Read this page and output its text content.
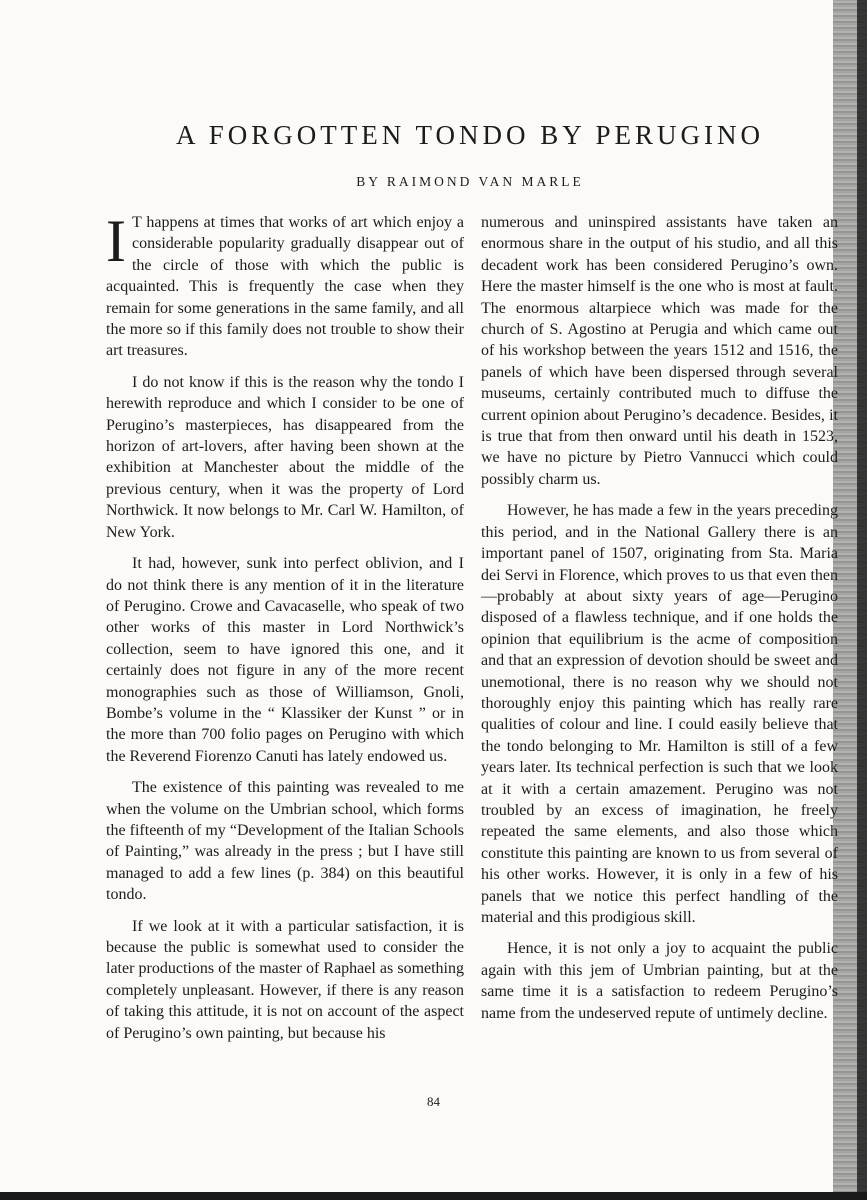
A FORGOTTEN TONDO BY PERUGINO
BY RAIMOND VAN MARLE

I T happens at times that works of art which enjoy a considerable popularity gradually disappear out of the circle of those with which the public is acquainted. This is frequently the case when they remain for some generations in the same family, and all the more so if this family does not trouble to show their art treasures.

I do not know if this is the reason why the tondo I herewith reproduce and which I consider to be one of Perugino’s masterpieces, has disappeared from the horizon of art-lovers, after having been shown at the exhibition at Manchester about the middle of the previous century, when it was the property of Lord Northwick. It now belongs to Mr. Carl W. Hamilton, of New York.

It had, however, sunk into perfect oblivion, and I do not think there is any mention of it in the literature of Perugino. Crowe and Cavacaselle, who speak of two other works of this master in Lord Northwick’s collection, seem to have ignored this one, and it certainly does not figure in any of the more recent monographies such as those of Williamson, Gnoli, Bombe’s volume in the “ Klassiker der Kunst ” or in the more than 700 folio pages on Perugino with which the Reverend Fiorenzo Canuti has lately endowed us.

The existence of this painting was revealed to me when the volume on the Umbrian school, which forms the fifteenth of my “Development of the Italian Schools of Painting,” was already in the press ; but I have still managed to add a few lines (p. 384) on this beautiful tondo.

If we look at it with a particular satisfaction, it is because the public is somewhat used to consider the later productions of the master of Raphael as something completely unpleasant. However, if there is any reason of taking this attitude, it is not on account of the aspect of Perugino’s own painting, but because his

numerous and uninspired assistants have taken an enormous share in the output of his studio, and all this decadent work has been considered Perugino’s own. Here the master himself is the one who is most at fault. The enormous altarpiece which was made for the church of S. Agostino at Perugia and which came out of his workshop between the years 1512 and 1516, the panels of which have been dispersed through several museums, certainly contributed much to diffuse the current opinion about Perugino’s decadence. Besides, it is true that from then onward until his death in 1523, we have no picture by Pietro Vannucci which could possibly charm us.

However, he has made a few in the years preceding this period, and in the National Gallery there is an important panel of 1507, originating from Sta. Maria dei Servi in Florence, which proves to us that even then—probably at about sixty years of age—Perugino disposed of a flawless technique, and if one holds the opinion that equilibrium is the acme of composition and that an expression of devotion should be sweet and unemotional, there is no reason why we should not thoroughly enjoy this painting which has really rare qualities of colour and line. I could easily believe that the tondo belonging to Mr. Hamilton is still of a few years later. Its technical perfection is such that we look at it with a certain amazement. Perugino was not troubled by an excess of imagination, he freely repeated the same elements, and also those which constitute this painting are known to us from several of his other works. However, it is only in a few of his panels that we notice this perfect handling of the material and this prodigious skill.

Hence, it is not only a joy to acquaint the public again with this jem of Umbrian painting, but at the same time it is a satisfaction to redeem Perugino’s name from the undeserved repute of untimely decline.

84
